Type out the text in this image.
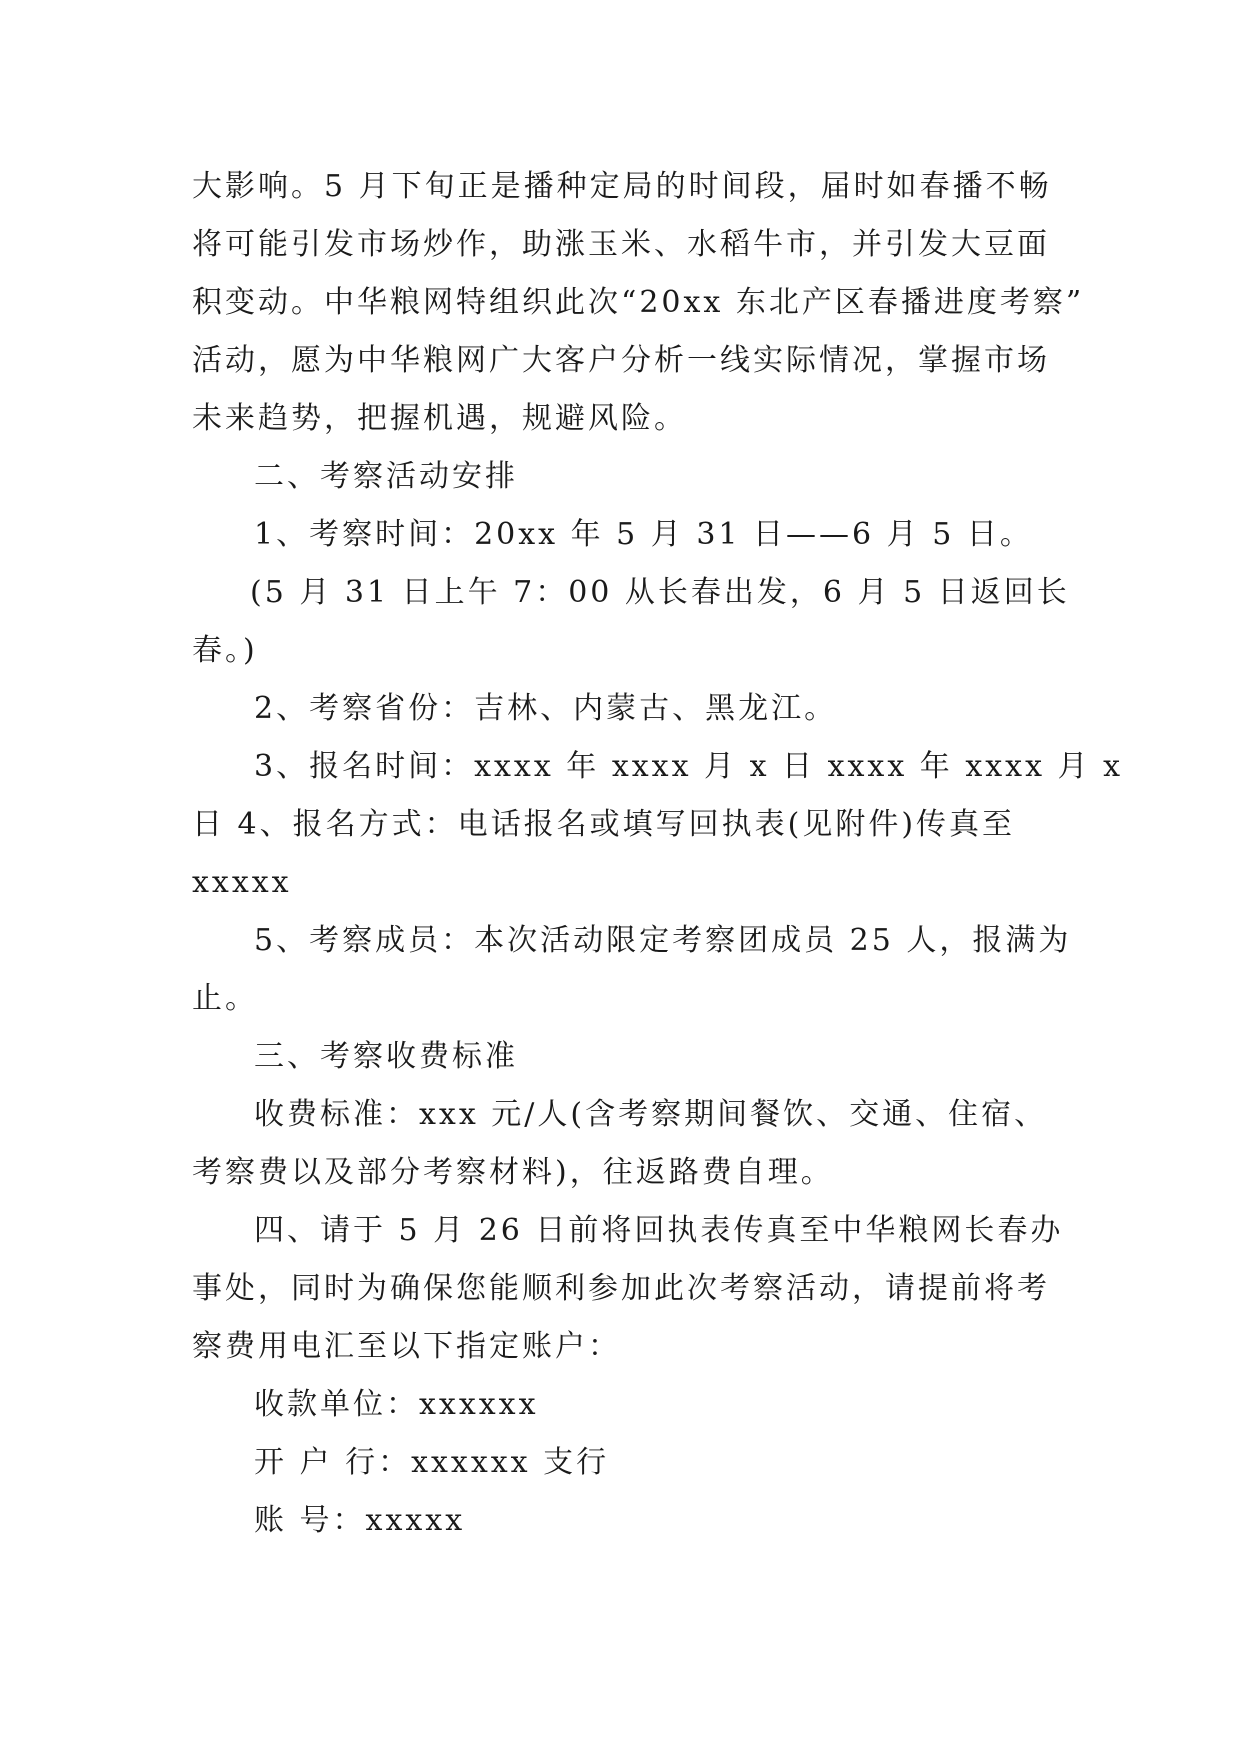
大影响。5 月下旬正是播种定局的时间段，届时如春播不畅
将可能引发市场炒作，助涨玉米、水稻牛市，并引发大豆面
积变动。中华粮网特组织此次“20xx 东北产区春播进度考察”
活动，愿为中华粮网广大客户分析一线实际情况，掌握市场
未来趋势，把握机遇，规避风险。
二、考察活动安排
1、考察时间：20xx 年 5 月 31 日——6 月 5 日。
(5 月 31 日上午 7：00 从长春出发，6 月 5 日返回长
春。)
2、考察省份：吉林、内蒙古、黑龙江。
3、报名时间：xxxx 年 xxxx 月 x 日 xxxx 年 xxxx 月 x
日 4、报名方式：电话报名或填写回执表(见附件)传真至
xxxxx
5、考察成员：本次活动限定考察团成员 25 人，报满为
止。
三、考察收费标准
收费标准：xxx 元/人(含考察期间餐饮、交通、住宿、
考察费以及部分考察材料)，往返路费自理。
四、请于 5 月 26 日前将回执表传真至中华粮网长春办
事处，同时为确保您能顺利参加此次考察活动，请提前将考
察费用电汇至以下指定账户：
收款单位：xxxxxx
开 户 行：xxxxxx 支行
账 号：xxxxx
